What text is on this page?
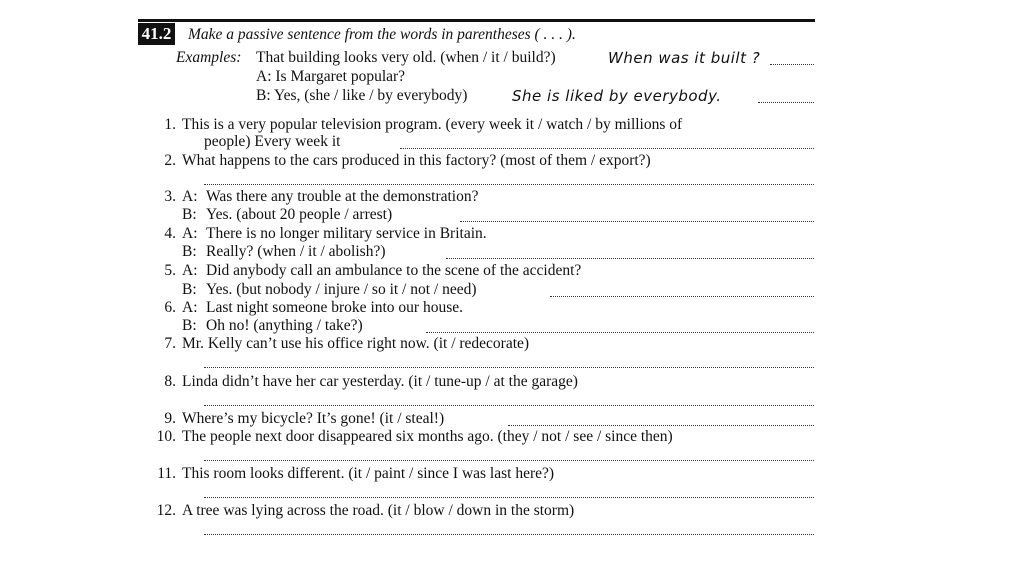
41.2 Make a passive sentence from the words in parentheses ( . . . ).
Examples: That building looks very old. (when / it / build?)	When was it built ?
A: Is Margaret popular?
B: Yes, (she / like / by everybody)	She is liked by everybody.
1. This is a very popular television program. (every week it / watch / by millions of
people) Every week it
2. What happens to the cars produced in this factory? (most of them / export?)
3. A: Was there any trouble at the demonstration?
B: Yes. (about 20 people / arrest)
4. A: There is no longer military service in Britain.
B: Really? (when / it / abolish?)
5. A: Did anybody call an ambulance to the scene of the accident?
B: Yes. (but nobody / injure / so it / not / need)
6. A: Last night someone broke into our house.
B: Oh no! (anything / take?)
7. Mr. Kelly can’t use his office right now. (it / redecorate)
8. Linda didn’t have her car yesterday. (it / tune-up / at the garage)
9. Where’s my bicycle? It’s gone! (it / steal!)
10. The people next door disappeared six months ago. (they / not / see / since then)
11. This room looks different. (it / paint / since I was last here?)
12. A tree was lying across the road. (it / blow / down in the storm)
